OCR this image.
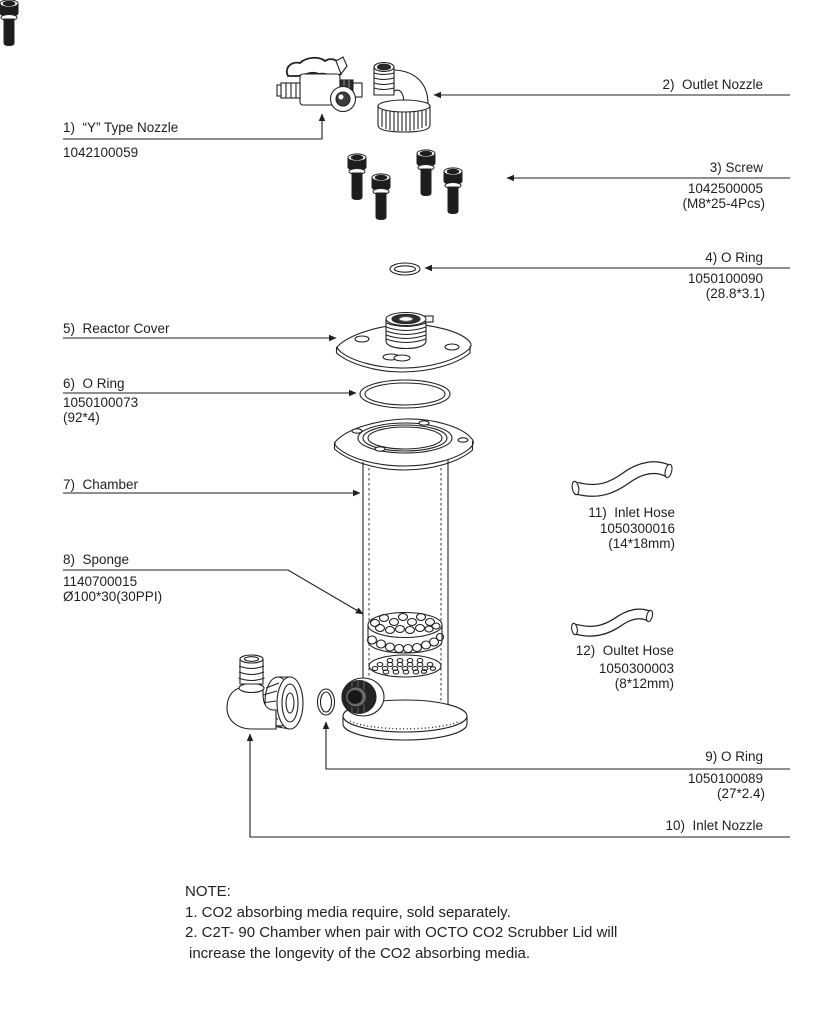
1)  “Y” Type Nozzle
1042100059
2)  Outlet Nozzle
3) Screw
1042500005
(M8*25-4Pcs)
4) O Ring
1050100090
(28.8*3.1)
5)  Reactor Cover
6)  O Ring
1050100073
(92*4)
7)  Chamber
8)  Sponge
1140700015
Ø100*30(30PPI)
11)  Inlet Hose
1050300016
(14*18mm)
12)  Oultet Hose
1050300003
(8*12mm)
9) O Ring
1050100089
(27*2.4)
10)  Inlet Nozzle
NOTE:
1. CO2 absorbing media require, sold separately.
2. C2T- 90 Chamber when pair with OCTO CO2 Scrubber Lid will
increase the longevity of the CO2 absorbing media.
